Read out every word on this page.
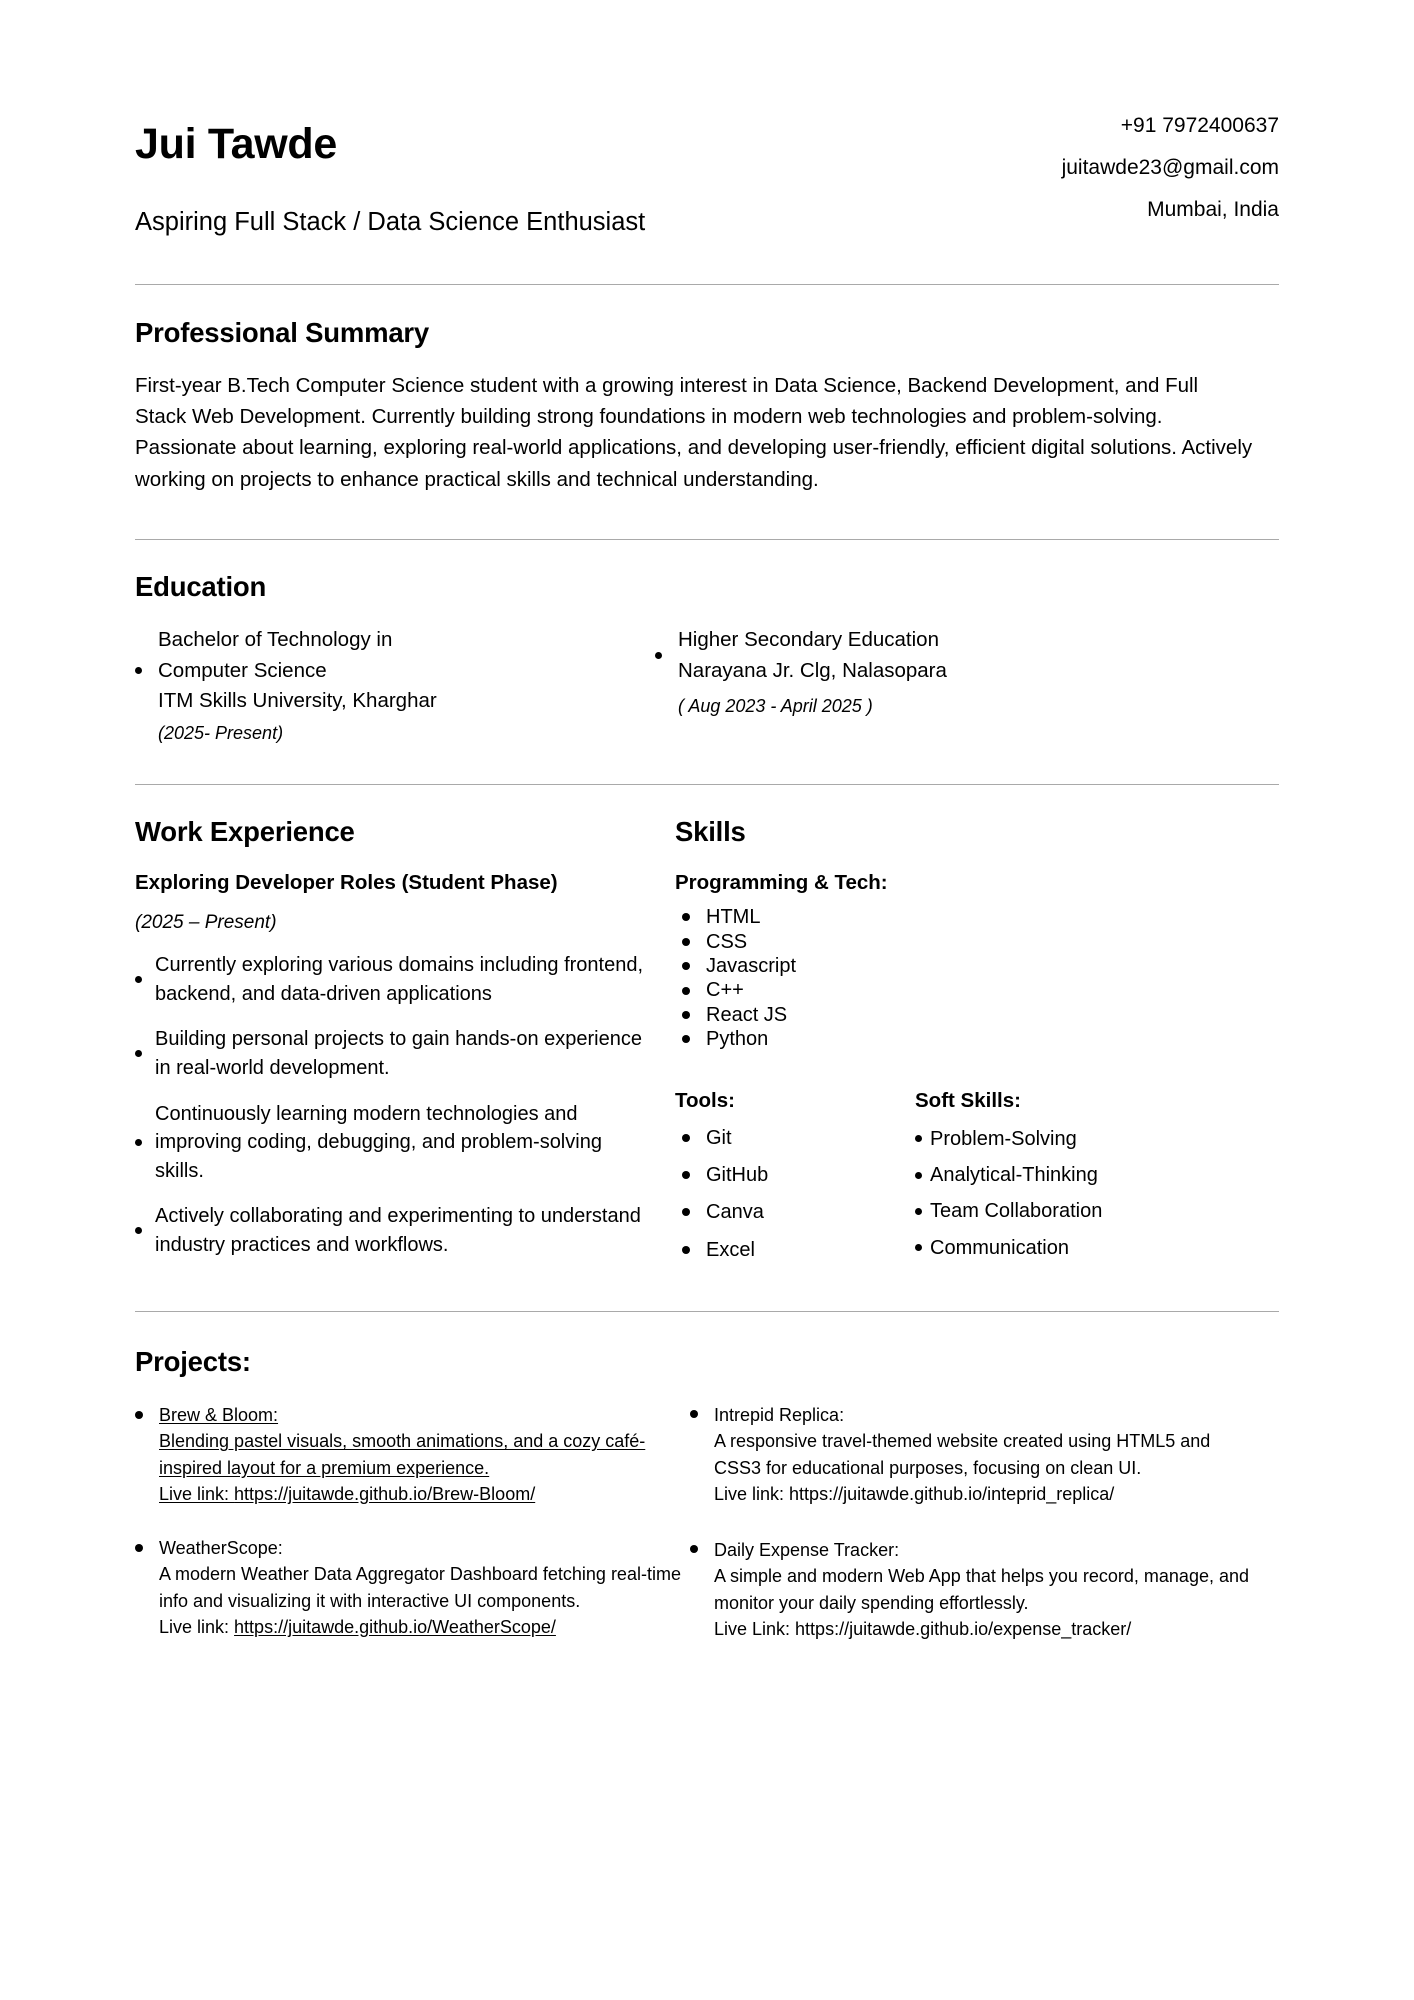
Jui Tawde
Aspiring Full Stack / Data Science Enthusiast
+91 7972400637
juitawde23@gmail.com
Mumbai, India
Professional Summary

First-year B.Tech Computer Science student with a growing interest in Data Science, Backend Development, and Full Stack Web Development. Currently building strong foundations in modern web technologies and problem-solving. Passionate about learning, exploring real-world applications, and developing user-friendly, efficient digital solutions. Actively working on projects to enhance practical skills and technical understanding.

Education
Bachelor of Technology in
Computer Science
ITM Skills University, Kharghar
(2025- Present)
Higher Secondary Education
Narayana Jr. Clg, Nalasopara
( Aug 2023 - April 2025 )
Work Experience
Exploring Developer Roles (Student Phase)
(2025 – Present)
Currently exploring various domains including frontend, backend, and data-driven applications
Building personal projects to gain hands-on experience in real-world development.
Continuously learning modern technologies and improving coding, debugging, and problem-solving skills.
Actively collaborating and experimenting to understand industry practices and workflows.
Skills
Programming & Tech:
HTML
CSS
Javascript
C++
React JS
Python
Tools:
Git
GitHub
Canva
Excel
Soft Skills:
Problem-Solving
Analytical-Thinking
Team Collaboration
Communication
Projects:
Brew & Bloom:
Blending pastel visuals, smooth animations, and a cozy café-inspired layout for a premium experience.
Live link: https://juitawde.github.io/Brew-Bloom/
WeatherScope:
A modern Weather Data Aggregator Dashboard fetching real-time info and visualizing it with interactive UI components.
Live link: https://juitawde.github.io/WeatherScope/
Intrepid Replica:
A responsive travel-themed website created using HTML5 and CSS3 for educational purposes, focusing on clean UI.
Live link: https://juitawde.github.io/inteprid_replica/
Daily Expense Tracker:
A simple and modern Web App that helps you record, manage, and monitor your daily spending effortlessly.
Live Link: https://juitawde.github.io/expense_tracker/
